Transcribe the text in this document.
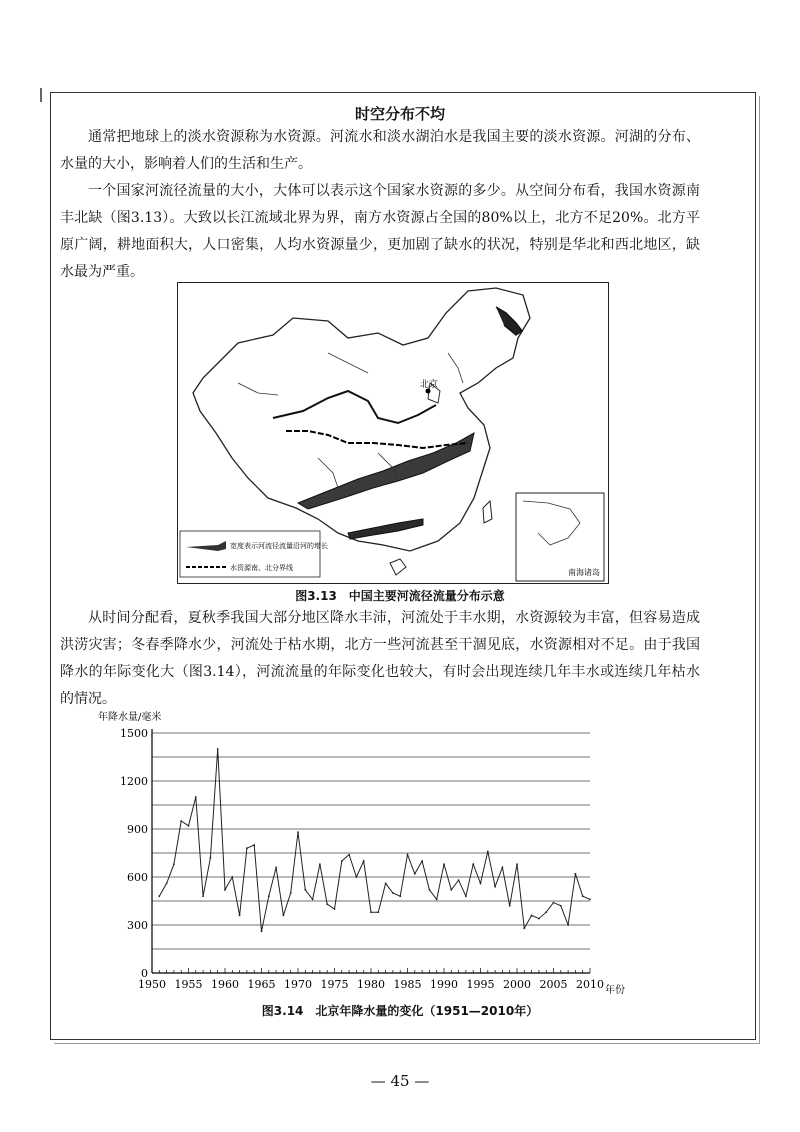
时空分布不均

通常把地球上的淡水资源称为水资源。河流水和淡水湖泊水是我国主要的淡水资源。河湖的分布、水量的大小，影响着人们的生活和生产。

一个国家河流径流量的大小，大体可以表示这个国家水资源的多少。从空间分布看，我国水资源南丰北缺（图3.13）。大致以长江流域北界为界，南方水资源占全国的80%以上，北方不足20%。北方平原广阔，耕地面积大，人口密集，人均水资源量少，更加剧了缺水的状况，特别是华北和西北地区，缺水最为严重。

北京
宽度表示河流径流量沿河的增长
水资源南、北分界线	南海诸岛
图3.13　中国主要河流径流量分布示意

从时间分配看，夏秋季我国大部分地区降水丰沛，河流处于丰水期，水资源较为丰富，但容易造成洪涝灾害；冬春季降水少，河流处于枯水期，北方一些河流甚至干涸见底，水资源相对不足。由于我国降水的年际变化大（图3.14），河流流量的年际变化也较大，有时会出现连续几年丰水或连续几年枯水的情况。

年降水量/毫米
年份
0
300
600
900
1200
1500
1950 1955 1960 1965 1970 1975 1980 1985 1990 1995 2000 2005 2010
图3.14　北京年降水量的变化（1951—2010年）
— 45 —
